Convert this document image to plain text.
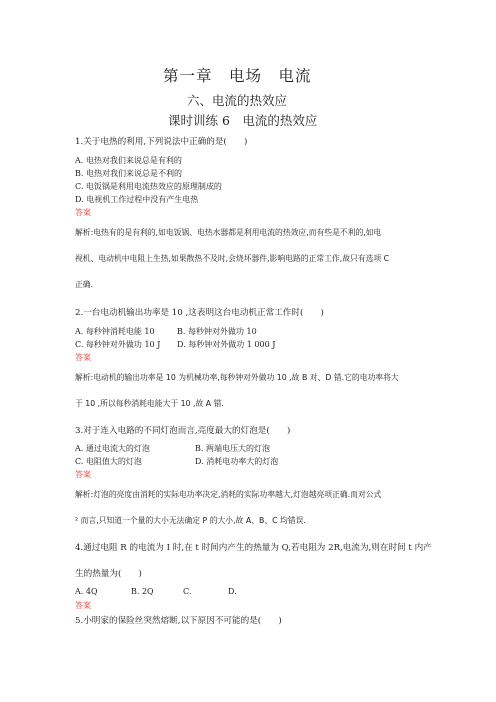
第一章　电场　电流
六、电流的热效应
课时训练 6　电流的热效应
1.关于电热的利用,下列说法中正确的是(　　)
A. 电热对我们来说总是有利的
B. 电热对我们来说总是不利的
C. 电饭锅是利用电流热效应的原理制成的
D. 电视机工作过程中没有产生电热
答案
解析:电热有的是有利的,如电饭锅、电热水器都是利用电流的热效应,而有些是不利的,如电
视机、电动机中电阻上生热,如果散热不及时,会烧坏器件,影响电路的正常工作,故只有选项 C
正确.
2.一台电动机输出功率是 10 ,这表明这台电动机正常工作时(　　)
A. 每秒钟消耗电能 10	B. 每秒钟对外做功 10
C. 每秒钟对外做功 10 J D. 每秒钟对外做功 1 000 J
答案
解析:电动机的输出功率是 10 为机械功率,每秒钟对外做功 10 ,故 B 对、D 错.它的电功率将大
于 10 ,所以每秒消耗电能大于 10 ,故 A 错.
3.对于连入电路的不同灯泡而言,亮度最大的灯泡是(　　)
A. 通过电流大的灯泡	B. 两端电压大的灯泡
C. 电阻值大的灯泡	D. 消耗电功率大的灯泡
答案
解析:灯泡的亮度由消耗的实际电功率决定,消耗的实际功率越大,灯泡越亮项正确.而对公式
² 而言,只知道一个量的大小无法确定 P 的大小,故 A、B、C 均错误.
4.通过电阻 R 的电流为 I 时,在 t 时间内产生的热量为 Q,若电阻为 2R,电流为,则在时间 t 内产
生的热量为(　　)
A. 4Q	B. 2Q	C.	D.
答案
5.小明家的保险丝突然熔断,以下原因不可能的是(　　)
